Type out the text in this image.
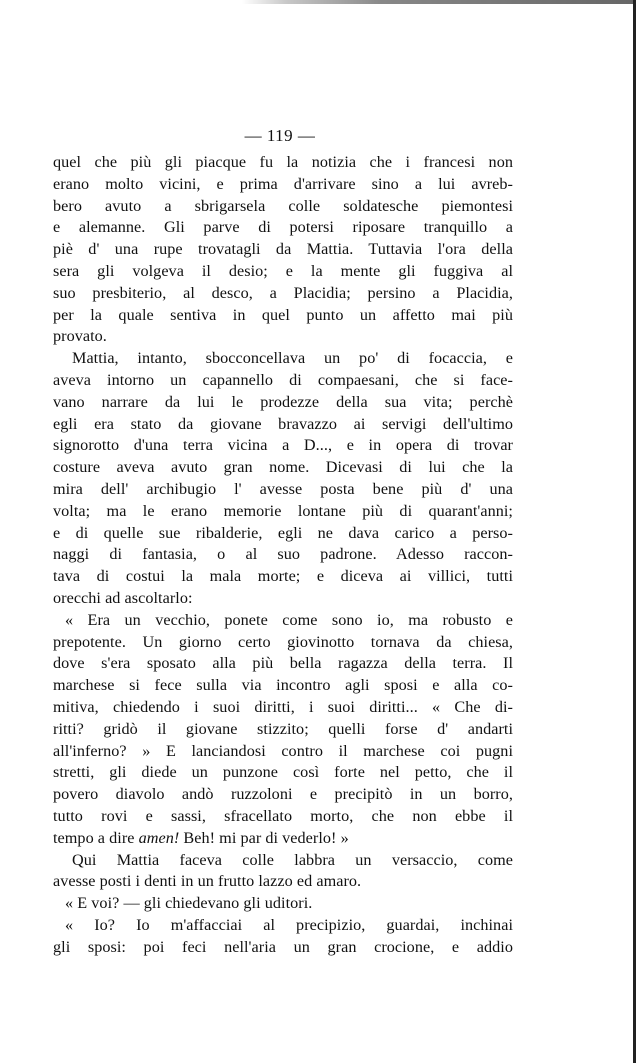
— 119 —
quel che più gli piacque fu la notizia che i francesi non
erano molto vicini, e prima d'arrivare sino a lui avreb-
bero avuto a sbrigarsela colle soldatesche piemontesi
e alemanne. Gli parve di potersi riposare tranquillo a
piè d' una rupe trovatagli da Mattia. Tuttavia l'ora della
sera gli volgeva il desio; e la mente gli fuggiva al
suo presbiterio, al desco, a Placidia; persino a Placidia,
per la quale sentiva in quel punto un affetto mai più
provato.
Mattia, intanto, sbocconcellava un po' di focaccia, e
aveva intorno un capannello di compaesani, che si face-
vano narrare da lui le prodezze della sua vita; perchè
egli era stato da giovane bravazzo ai servigi dell'ultimo
signorotto d'una terra vicina a D..., e in opera di trovar
costure aveva avuto gran nome. Dicevasi di lui che la
mira dell' archibugio l' avesse posta bene più d' una
volta; ma le erano memorie lontane più di quarant'anni;
e di quelle sue ribalderie, egli ne dava carico a perso-
naggi di fantasia, o al suo padrone. Adesso raccon-
tava di costui la mala morte; e diceva ai villici, tutti
orecchi ad ascoltarlo:
« Era un vecchio, ponete come sono io, ma robusto e
prepotente. Un giorno certo giovinotto tornava da chiesa,
dove s'era sposato alla più bella ragazza della terra. Il
marchese si fece sulla via incontro agli sposi e alla co-
mitiva, chiedendo i suoi diritti, i suoi diritti... « Che di-
ritti? gridò il giovane stizzito; quelli forse d' andarti
all'inferno? » E lanciandosi contro il marchese coi pugni
stretti, gli diede un punzone così forte nel petto, che il
povero diavolo andò ruzzoloni e precipitò in un borro,
tutto rovi e sassi, sfracellato morto, che non ebbe il
tempo a dire amen! Beh! mi par di vederlo! »
Qui Mattia faceva colle labbra un versaccio, come
avesse posti i denti in un frutto lazzo ed amaro.
« E voi? — gli chiedevano gli uditori.
« Io? Io m'affacciai al precipizio, guardai, inchinai
gli sposi: poi feci nell'aria un gran crocione, e addio
